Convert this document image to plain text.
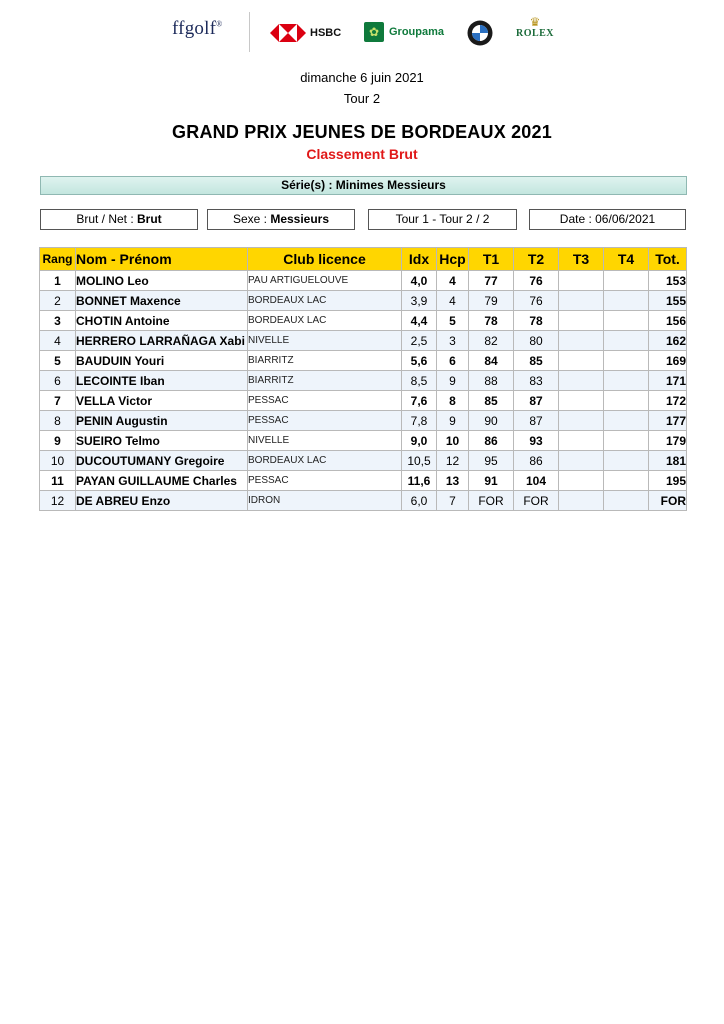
ffgolf®
HSBC	✿ Groupama
♛
ROLEX
dimanche 6 juin 2021
Tour 2
GRAND PRIX JEUNES DE BORDEAUX 2021
Classement Brut
Série(s) : Minimes Messieurs
Brut / Net : Brut	Sexe : Messieurs	Tour 1 - Tour 2 / 2	Date : 06/06/2021
Rang	Nom - Prénom	Club licence	Idx	Hcp	T1	T2	T3	T4	Tot.
1	MOLINO Leo	PAU ARTIGUELOUVE	4,0	4	77	76			153
2	BONNET Maxence	BORDEAUX LAC	3,9	4	79	76			155
3	CHOTIN Antoine	BORDEAUX LAC	4,4	5	78	78			156
4	HERRERO LARRAÑAGA Xabi	NIVELLE	2,5	3	82	80			162
5	BAUDUIN Youri	BIARRITZ	5,6	6	84	85			169
6	LECOINTE Iban	BIARRITZ	8,5	9	88	83			171
7	VELLA Victor	PESSAC	7,6	8	85	87			172
8	PENIN Augustin	PESSAC	7,8	9	90	87			177
9	SUEIRO Telmo	NIVELLE	9,0	10	86	93			179
10	DUCOUTUMANY Gregoire	BORDEAUX LAC	10,5	12	95	86			181
11	PAYAN GUILLAUME Charles	PESSAC	11,6	13	91	104			195
12	DE ABREU Enzo	IDRON	6,0	7	FOR	FOR			FOR
